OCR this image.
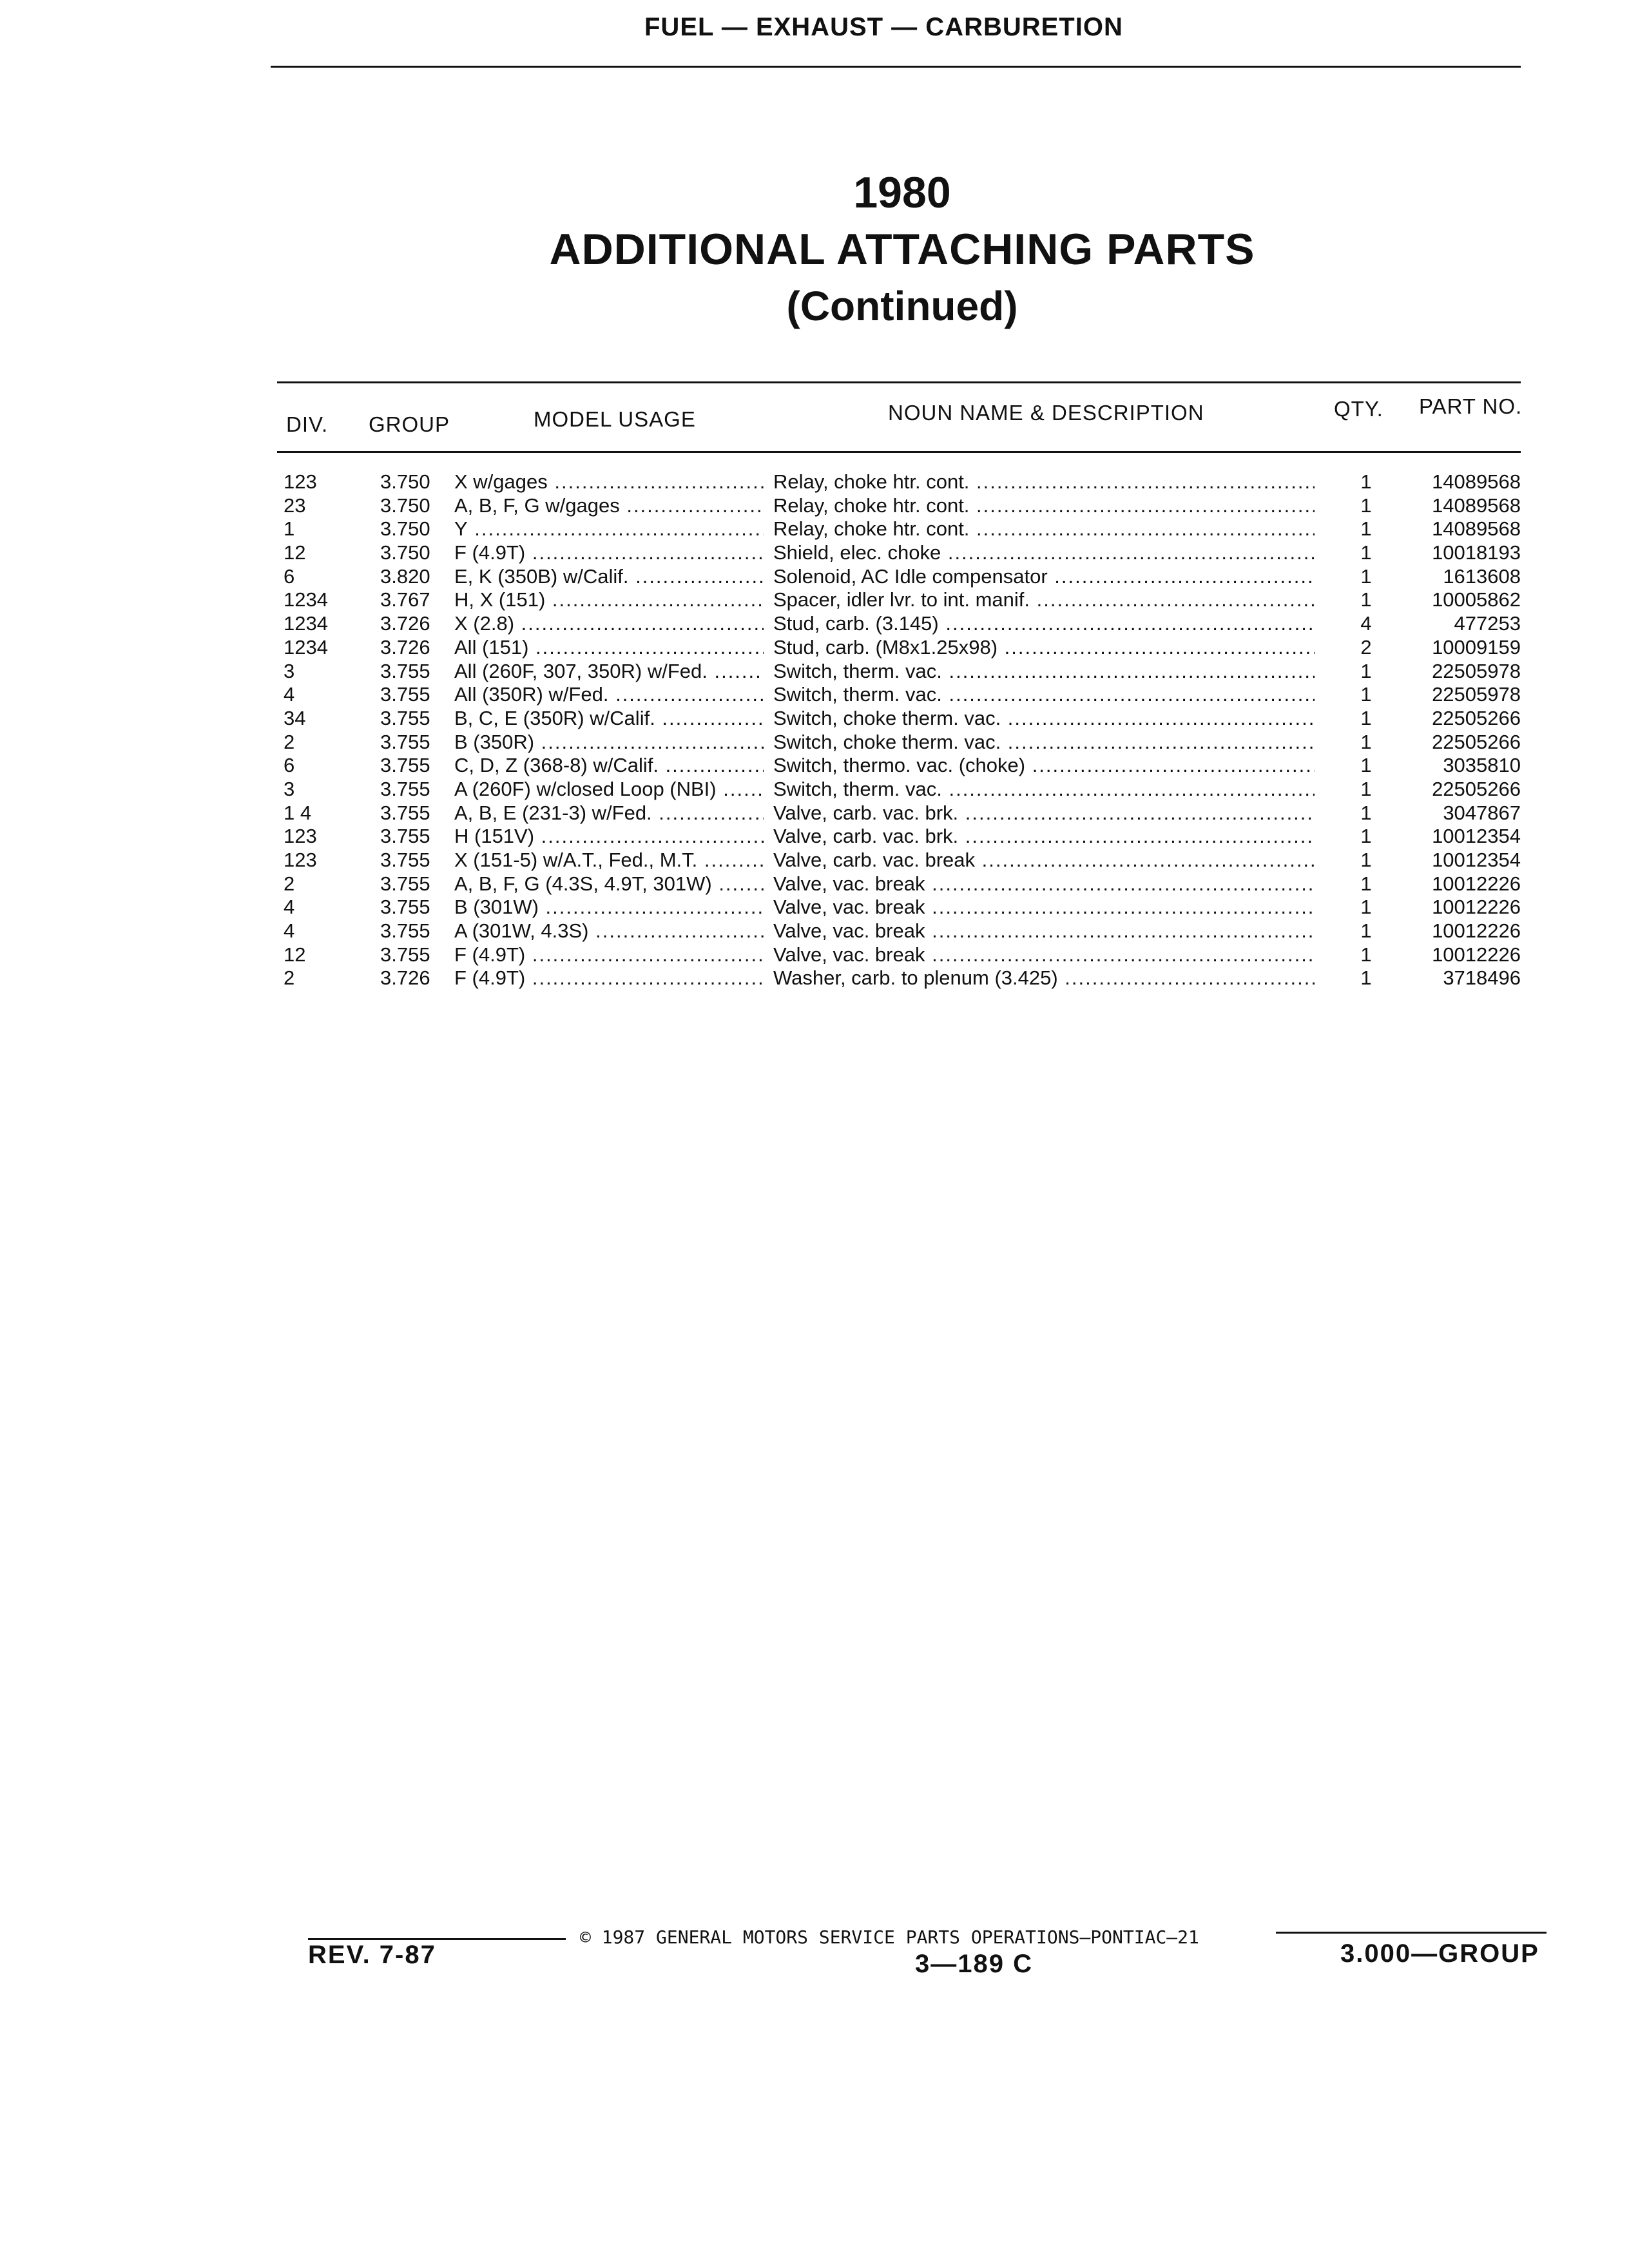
FUEL — EXHAUST — CARBURETION
1980
ADDITIONAL ATTACHING PARTS
(Continued)
DIV. GROUP	MODEL USAGE	NOUN NAME & DESCRIPTION	QTY. PART NO.
123	3.750 X w/gages .....	Relay, choke htr. cont. .....	1	14089568
23	3.750 A, B, F, G w/gages .....	Relay, choke htr. cont. .....	1	14089568
1	3.750 Y .....	Relay, choke htr. cont. .....	1	14089568
12	3.750 F (4.9T) .....	Shield, elec. choke .....	1	10018193
6	3.820 E, K (350B) w/Calif. .....	Solenoid, AC Idle compensator .....	1	1613608
1234	3.767 H, X (151) .....	Spacer, idler lvr. to int. manif. .....	1	10005862
1234	3.726 X (2.8) .....	Stud, carb. (3.145) .....	4	477253
1234	3.726 All (151) .....	Stud, carb. (M8x1.25x98) .....	2	10009159
3	3.755 All (260F, 307, 350R) w/Fed. .....	Switch, therm. vac. .....	1	22505978
4	3.755 All (350R) w/Fed. .....	Switch, therm. vac. .....	1	22505978
34	3.755 B, C, E (350R) w/Calif. .....	Switch, choke therm. vac. .....	1	22505266
2	3.755 B (350R) .....	Switch, choke therm. vac. .....	1	22505266
6	3.755 C, D, Z (368-8) w/Calif. .....	Switch, thermo. vac. (choke) .....	1	3035810
3	3.755 A (260F) w/closed Loop (NBI) .....	Switch, therm. vac. .....	1	22505266
1 4	3.755 A, B, E (231-3) w/Fed. .....	Valve, carb. vac. brk. .....	1	3047867
123	3.755 H (151V) .....	Valve, carb. vac. brk. .....	1	10012354
123	3.755 X (151-5) w/A.T., Fed., M.T. .....	Valve, carb. vac. break .....	1	10012354
2	3.755 A, B, F, G (4.3S, 4.9T, 301W) .....	Valve, vac. break .....	1	10012226
4	3.755 B (301W) .....	Valve, vac. break .....	1	10012226
4	3.755 A (301W, 4.3S) .....	Valve, vac. break .....	1	10012226
12	3.755 F (4.9T) .....	Valve, vac. break .....	1	10012226
2	3.726 F (4.9T) .....	Washer, carb. to plenum (3.425) .....	1	3718496
© 1987 GENERAL MOTORS SERVICE PARTS OPERATIONS—PONTIAC—21
REV. 7-87	3—189 C	3.000—GROUP
